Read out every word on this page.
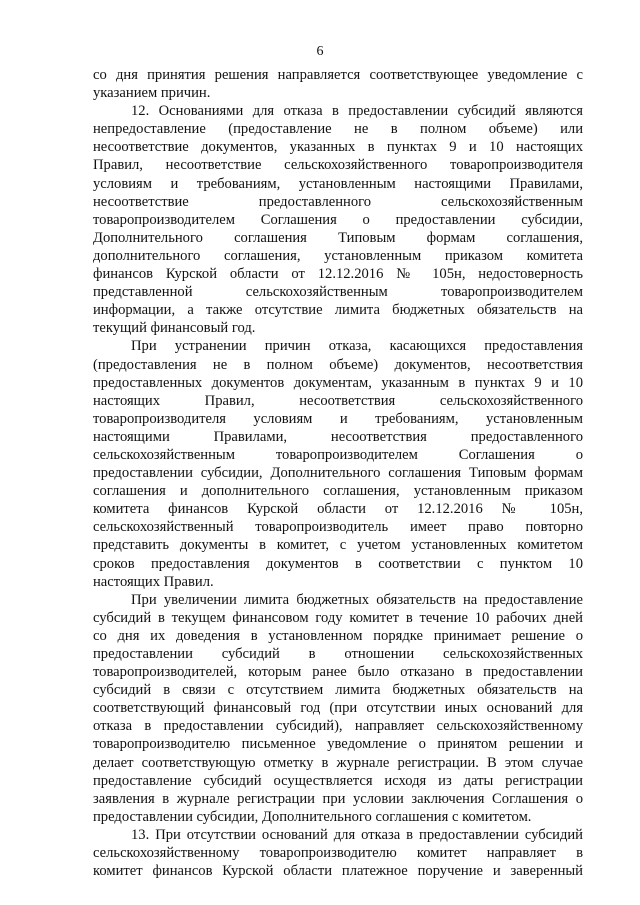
6
со дня принятия решения направляется соответствующее уведомление с
указанием причин.
12. Основаниями для отказа в предоставлении субсидий являются
непредоставление (предоставление не в полном объеме) или
несоответствие документов, указанных в пунктах 9 и 10 настоящих
Правил, несоответствие сельскохозяйственного товаропроизводителя
условиям и требованиям, установленным настоящими Правилами,
несоответствие предоставленного сельскохозяйственным
товаропроизводителем Соглашения о предоставлении субсидии,
Дополнительного соглашения Типовым формам соглашения,
дополнительного соглашения, установленным приказом комитета
финансов Курской области от 12.12.2016 № 105н, недостоверность
представленной сельскохозяйственным товаропроизводителем
информации, а также отсутствие лимита бюджетных обязательств на
текущий финансовый год.
При устранении причин отказа, касающихся предоставления
(предоставления не в полном объеме) документов, несоответствия
предоставленных документов документам, указанным в пунктах 9 и 10
настоящих Правил, несоответствия сельскохозяйственного
товаропроизводителя условиям и требованиям, установленным
настоящими Правилами, несоответствия предоставленного
сельскохозяйственным товаропроизводителем Соглашения о
предоставлении субсидии, Дополнительного соглашения Типовым формам
соглашения и дополнительного соглашения, установленным приказом
комитета финансов Курской области от 12.12.2016 № 105н,
сельскохозяйственный товаропроизводитель имеет право повторно
представить документы в комитет, с учетом установленных комитетом
сроков предоставления документов в соответствии с пунктом 10
настоящих Правил.
При увеличении лимита бюджетных обязательств на предоставление
субсидий в текущем финансовом году комитет в течение 10 рабочих дней
со дня их доведения в установленном порядке принимает решение о
предоставлении субсидий в отношении сельскохозяйственных
товаропроизводителей, которым ранее было отказано в предоставлении
субсидий в связи с отсутствием лимита бюджетных обязательств на
соответствующий финансовый год (при отсутствии иных оснований для
отказа в предоставлении субсидий), направляет сельскохозяйственному
товаропроизводителю письменное уведомление о принятом решении и
делает соответствующую отметку в журнале регистрации. В этом случае
предоставление субсидий осуществляется исходя из даты регистрации
заявления в журнале регистрации при условии заключения Соглашения о
предоставлении субсидии, Дополнительного соглашения с комитетом.
13. При отсутствии оснований для отказа в предоставлении субсидий
сельскохозяйственному товаропроизводителю комитет направляет в
комитет финансов Курской области платежное поручение и заверенный
